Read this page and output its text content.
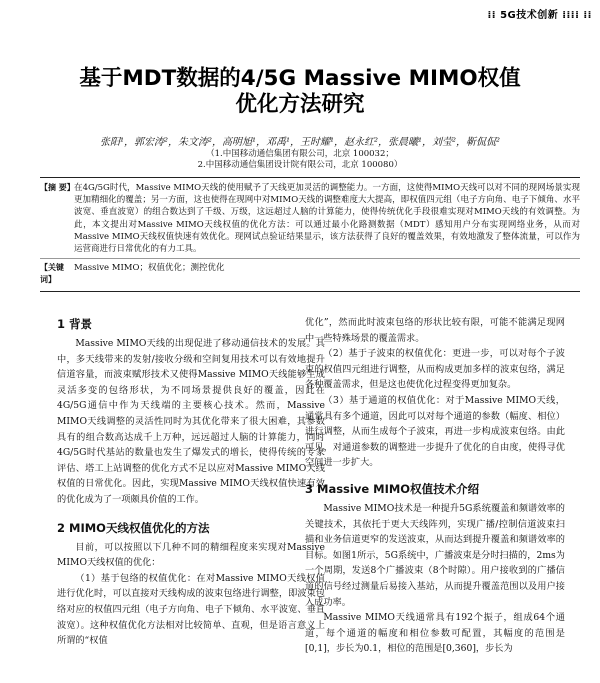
⁞⁞ 5G技术创新 ⁞⁞⁞⁞ ⁞⁞
基于MDT数据的4/5G Massive MIMO权值
优化方法研究
张阳¹，郭宏涛²，朱文涛²，高明旭¹，邓禹¹，王时耀¹，赵永红²，张晨曦¹，刘莹²，靳侃侃²
（1.中国移动通信集团有限公司，北京 100032；
2.中国移动通信集团设计院有限公司，北京 100080）
【摘 要】 在4G/5G时代，Massive MIMO天线的使用赋予了天线更加灵活的调整能力。一方面，这使得MIMO天线可以对不同的现网场景实现更加精细化的覆盖；另一方面，这也使得在现网中对MIMO天线的调整难度大大提高，即权值四元组（电子方向角、电子下倾角、水平波宽、垂直波宽）的组合数达到了千级、万级，这远超过人脑的计算能力，使得传统优化手段很难实现对MIMO天线的有效调整。为此，本文提出对Massive MIMO天线权值的优化方法：可以通过最小化路测数据（MDT）感知用户分布实现网络业务，从而对Massive MIMO天线权值快速有效优化。现网试点验证结果显示，该方法获得了良好的覆盖效果，有效地激发了整体流量，可以作为运营商进行日常优化的有力工具。
【关键词】
Massive MIMO；权值优化；测控优化
1 背景

Massive MIMO天线的出现促进了移动通信技术的发展。其中，多天线带来的发射/接收分级和空间复用技术可以有效地提升信道容量，而波束赋形技术又使得Massive MIMO天线能够生成灵活多变的包络形状，为不同场景提供良好的覆盖，因此在4G/5G通信中作为天线端的主要核心技术。然而，Massive MIMO天线调整的灵活性同时为其优化带来了很大困难，其参数具有的组合数高达成千上万种，远远超过人脑的计算能力，同时4G/5G时代基站的数量也发生了爆发式的增长，使得传统的专家评估、塔工上站调整的优化方式不足以应对Massive MIMO天线权值的日常优化。因此，实现Massive MIMO天线权值快速有效的优化成为了一项颇具价值的工作。

2 MIMO天线权值优化的方法

目前，可以按照以下几种不同的精细程度来实现对Massive MIMO天线权值的优化：

（1）基于包络的权值优化：在对Massive MIMO天线权值进行优化时，可以直接对天线构成的波束包络进行调整，即波束包络对应的权值四元组（电子方向角、电子下倾角、水平波宽、垂直波宽）。这种权值优化方法相对比较简单、直观，但是语言意义上所谓的“权值

优化”，然而此时波束包络的形状比较有限，可能不能满足现网中一些特殊场景的覆盖需求。

（2）基于子波束的权值优化：更进一步，可以对每个子波束的权值四元组进行调整，从而构成更加多样的波束包络，满足各种覆盖需求，但是这也使优化过程变得更加复杂。

（3）基于通道的权值优化：对于Massive MIMO天线，通常具有多个通道，因此可以对每个通道的参数（幅度、相位）进行调整，从而生成每个子波束，再进一步构成波束包络。由此可见，对通道参数的调整进一步提升了优化的自由度，使得寻优空间进一步扩大。

3 Massive MIMO权值技术介绍

Massive MIMO技术是一种提升5G系统覆盖和频谱效率的关键技术，其依托于更大天线阵列，实现广播/控制信道波束扫描和业务信道更窄的发送波束，从而达到提升覆盖和频谱效率的目标。如图1所示，5G系统中，广播波束是分时扫描的，2ms为一个周期，发送8个广播波束（8个时隙）。用户接收到的广播信道的信号经过测量后易接入基站，从而提升覆盖范围以及用户接入成功率。

Massive MIMO天线通常具有192个振子，组成64个通道，每个通道的幅度和相位参数可配置，其幅度的范围是[0,1]，步长为0.1，相位的范围是[0,360]，步长为
